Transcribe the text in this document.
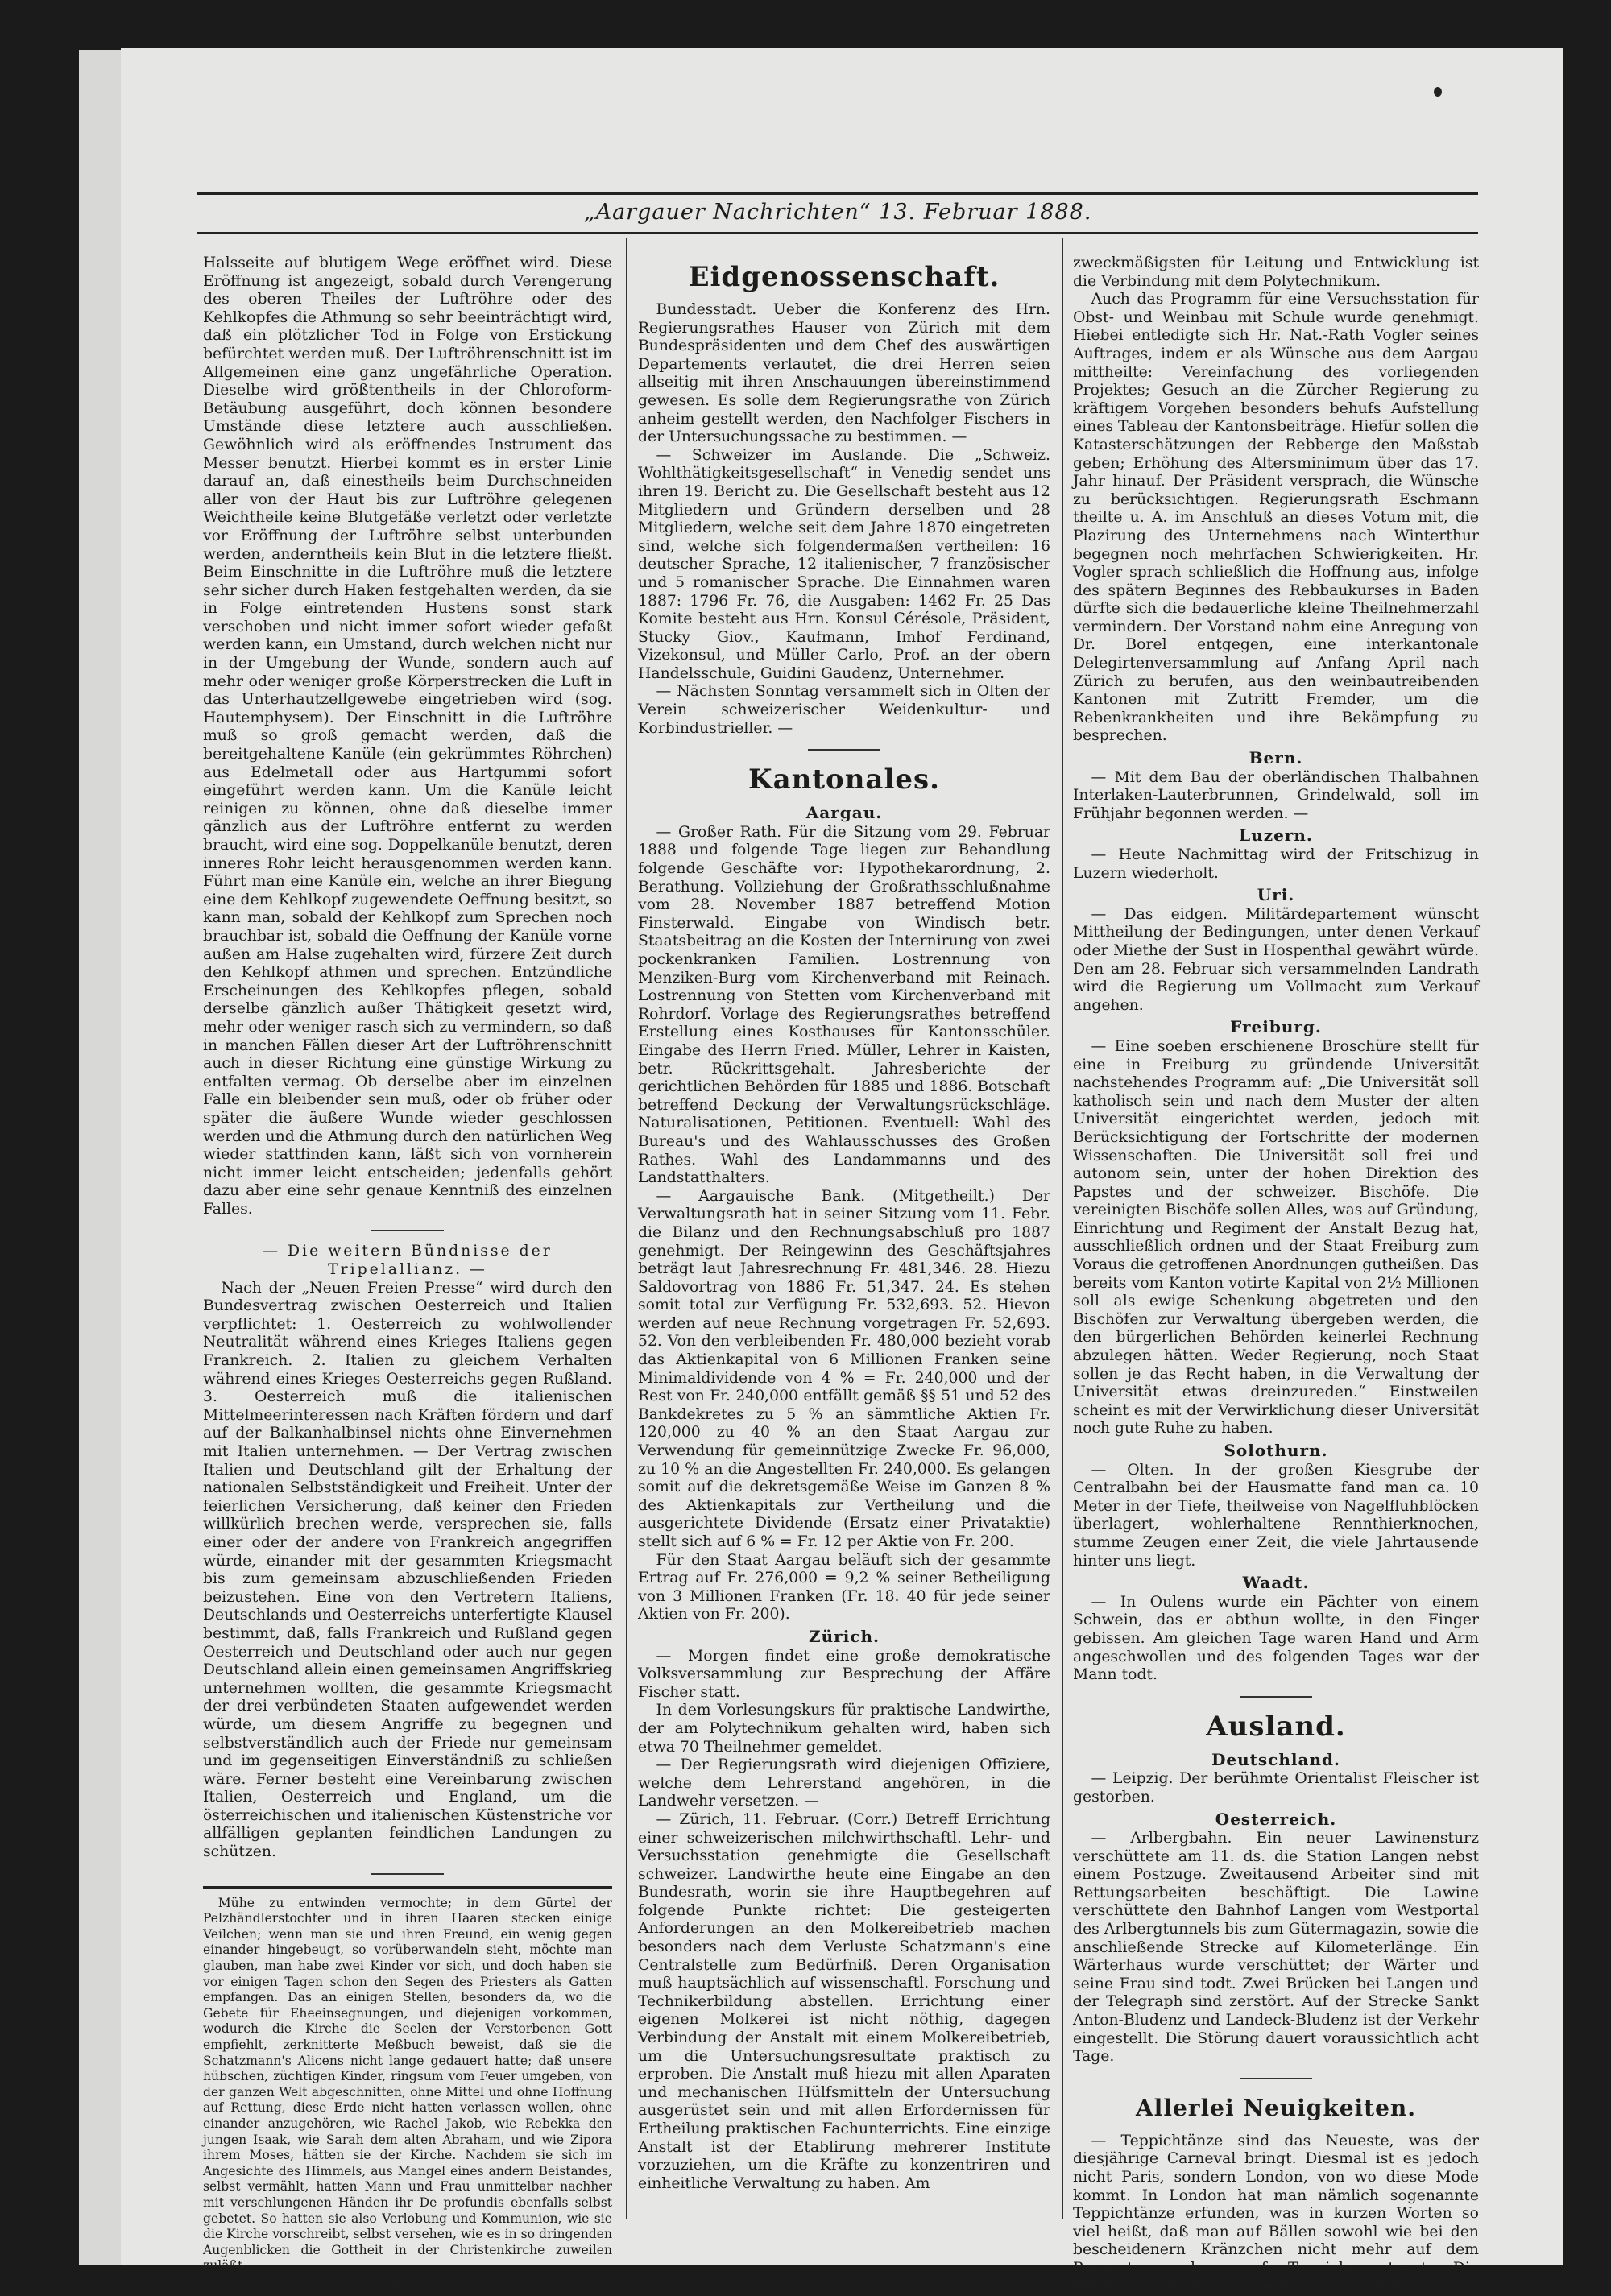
„Aargauer Nachrichten“ 13. Februar 1888.

Halsseite auf blutigem Wege eröffnet wird. Diese Eröffnung ist angezeigt, sobald durch Verengerung des oberen Theiles der Luftröhre oder des Kehlkopfes die Athmung so sehr beeinträchtigt wird, daß ein plötzlicher Tod in Folge von Erstickung befürchtet werden muß. Der Luftröhrenschnitt ist im Allgemeinen eine ganz ungefährliche Operation. Dieselbe wird größtentheils in der Chloroform-Betäubung ausgeführt, doch können besondere Umstände diese letztere auch ausschließen. Gewöhnlich wird als eröffnendes Instrument das Messer benutzt. Hierbei kommt es in erster Linie darauf an, daß einestheils beim Durchschneiden aller von der Haut bis zur Luftröhre gelegenen Weichtheile keine Blutgefäße verletzt oder verletzte vor Eröffnung der Luftröhre selbst unterbunden werden, anderntheils kein Blut in die letztere fließt. Beim Einschnitte in die Luftröhre muß die letztere sehr sicher durch Haken festgehalten werden, da sie in Folge eintretenden Hustens sonst stark verschoben und nicht immer sofort wieder gefaßt werden kann, ein Umstand, durch welchen nicht nur in der Umgebung der Wunde, sondern auch auf mehr oder weniger große Körperstrecken die Luft in das Unterhautzellgewebe eingetrieben wird (sog. Hautemphysem). Der Einschnitt in die Luftröhre muß so groß gemacht werden, daß die bereitgehaltene Kanüle (ein gekrümmtes Röhrchen) aus Edelmetall oder aus Hartgummi sofort eingeführt werden kann. Um die Kanüle leicht reinigen zu können, ohne daß dieselbe immer gänzlich aus der Luftröhre entfernt zu werden braucht, wird eine sog. Doppelkanüle benutzt, deren inneres Rohr leicht herausgenommen werden kann. Führt man eine Kanüle ein, welche an ihrer Biegung eine dem Kehlkopf zugewendete Oeffnung besitzt, so kann man, sobald der Kehlkopf zum Sprechen noch brauchbar ist, sobald die Oeffnung der Kanüle vorne außen am Halse zugehalten wird, fürzere Zeit durch den Kehlkopf athmen und sprechen. Entzündliche Erscheinungen des Kehlkopfes pflegen, sobald derselbe gänzlich außer Thätigkeit gesetzt wird, mehr oder weniger rasch sich zu vermindern, so daß in manchen Fällen dieser Art der Luftröhrenschnitt auch in dieser Richtung eine günstige Wirkung zu entfalten vermag. Ob derselbe aber im einzelnen Falle ein bleibender sein muß, oder ob früher oder später die äußere Wunde wieder geschlossen werden und die Athmung durch den natürlichen Weg wieder stattfinden kann, läßt sich von vornherein nicht immer leicht entscheiden; jedenfalls gehört dazu aber eine sehr genaue Kenntniß des einzelnen Falles.

— Die weitern Bündnisse der Tripelallianz. —

Nach der „Neuen Freien Presse“ wird durch den Bundesvertrag zwischen Oesterreich und Italien verpflichtet: 1. Oesterreich zu wohlwollender Neutralität während eines Krieges Italiens gegen Frankreich. 2. Italien zu gleichem Verhalten während eines Krieges Oesterreichs gegen Rußland. 3. Oesterreich muß die italienischen Mittelmeerinteressen nach Kräften fördern und darf auf der Balkanhalbinsel nichts ohne Einvernehmen mit Italien unternehmen. — Der Vertrag zwischen Italien und Deutschland gilt der Erhaltung der nationalen Selbstständigkeit und Freiheit. Unter der feierlichen Versicherung, daß keiner den Frieden willkürlich brechen werde, versprechen sie, falls einer oder der andere von Frankreich angegriffen würde, einander mit der gesammten Kriegsmacht bis zum gemeinsam abzuschließenden Frieden beizustehen. Eine von den Vertretern Italiens, Deutschlands und Oesterreichs unterfertigte Klausel bestimmt, daß, falls Frankreich und Rußland gegen Oesterreich und Deutschland oder auch nur gegen Deutschland allein einen gemeinsamen Angriffskrieg unternehmen wollten, die gesammte Kriegsmacht der drei verbündeten Staaten aufgewendet werden würde, um diesem Angriffe zu begegnen und selbstverständlich auch der Friede nur gemeinsam und im gegenseitigen Einverständniß zu schließen wäre. Ferner besteht eine Vereinbarung zwischen Italien, Oesterreich und England, um die österreichischen und italienischen Küstenstriche vor allfälligen geplanten feindlichen Landungen zu schützen.

Mühe zu entwinden vermochte; in dem Gürtel der Pelzhändlerstochter und in ihren Haaren stecken einige Veilchen; wenn man sie und ihren Freund, ein wenig gegen einander hingebeugt, so vorüberwandeln sieht, möchte man glauben, man habe zwei Kinder vor sich, und doch haben sie vor einigen Tagen schon den Segen des Priesters als Gatten empfangen. Das an einigen Stellen, besonders da, wo die Gebete für Eheeinsegnungen, und diejenigen vorkommen, wodurch die Kirche die Seelen der Verstorbenen Gott empfiehlt, zerknitterte Meßbuch beweist, daß sie die Schatzmann's Alicens nicht lange gedauert hatte; daß unsere hübschen, züchtigen Kinder, ringsum vom Feuer umgeben, von der ganzen Welt abgeschnitten, ohne Mittel und ohne Hoffnung auf Rettung, diese Erde nicht hatten verlassen wollen, ohne einander anzugehören, wie Rachel Jakob, wie Rebekka den jungen Isaak, wie Sarah dem alten Abraham, und wie Zipora ihrem Moses, hätten sie der Kirche. Nachdem sie sich im Angesichte des Himmels, aus Mangel eines andern Beistandes, selbst vermählt, hatten Mann und Frau unmittelbar nachher mit verschlungenen Händen ihr De profundis ebenfalls selbst gebetet. So hatten sie also Verlobung und Kommunion, wie sie die Kirche vorschreibt, selbst versehen, wie es in so dringenden Augenblicken die Gottheit in der Christenkirche zuweilen zuläßt.

(Schluß folgt.)

Eidgenossenschaft.

Bundesstadt. Ueber die Konferenz des Hrn. Regierungsrathes Hauser von Zürich mit dem Bundespräsidenten und dem Chef des auswärtigen Departements verlautet, die drei Herren seien allseitig mit ihren Anschauungen übereinstimmend gewesen. Es solle dem Regierungsrathe von Zürich anheim gestellt werden, den Nachfolger Fischers in der Untersuchungssache zu bestimmen. —

— Schweizer im Auslande. Die „Schweiz. Wohlthätigkeitsgesellschaft“ in Venedig sendet uns ihren 19. Bericht zu. Die Gesellschaft besteht aus 12 Mitgliedern und Gründern derselben und 28 Mitgliedern, welche seit dem Jahre 1870 eingetreten sind, welche sich folgendermaßen vertheilen: 16 deutscher Sprache, 12 italienischer, 7 französischer und 5 romanischer Sprache. Die Einnahmen waren 1887: 1796 Fr. 76, die Ausgaben: 1462 Fr. 25 Das Komite besteht aus Hrn. Konsul Cérésole, Präsident, Stucky Giov., Kaufmann, Imhof Ferdinand, Vizekonsul, und Müller Carlo, Prof. an der obern Handelsschule, Guidini Gaudenz, Unternehmer.

— Nächsten Sonntag versammelt sich in Olten der Verein schweizerischer Weidenkultur- und Korbindustrieller. —

Kantonales.
Aargau.

— Großer Rath. Für die Sitzung vom 29. Februar 1888 und folgende Tage liegen zur Behandlung folgende Geschäfte vor: Hypothekarordnung, 2. Berathung. Vollziehung der Großrathsschlußnahme vom 28. November 1887 betreffend Motion Finsterwald. Eingabe von Windisch betr. Staatsbeitrag an die Kosten der Internirung von zwei pockenkranken Familien. Lostrennung von Menziken-Burg vom Kirchenverband mit Reinach. Lostrennung von Stetten vom Kirchenverband mit Rohrdorf. Vorlage des Regierungsrathes betreffend Erstellung eines Kosthauses für Kantonsschüler. Eingabe des Herrn Fried. Müller, Lehrer in Kaisten, betr. Rückrittsgehalt. Jahresberichte der gerichtlichen Behörden für 1885 und 1886. Botschaft betreffend Deckung der Verwaltungsrückschläge. Naturalisationen, Petitionen. Eventuell: Wahl des Bureau's und des Wahlausschusses des Großen Rathes. Wahl des Landammanns und des Landstatthalters.

— Aargauische Bank. (Mitgetheilt.) Der Verwaltungsrath hat in seiner Sitzung vom 11. Febr. die Bilanz und den Rechnungsabschluß pro 1887 genehmigt. Der Reingewinn des Geschäftsjahres beträgt laut Jahresrechnung Fr. 481,346. 28. Hiezu Saldovortrag von 1886 Fr. 51,347. 24. Es stehen somit total zur Verfügung Fr. 532,693. 52. Hievon werden auf neue Rechnung vorgetragen Fr. 52,693. 52. Von den verbleibenden Fr. 480,000 bezieht vorab das Aktienkapital von 6 Millionen Franken seine Minimaldividende von 4 % = Fr. 240,000 und der Rest von Fr. 240,000 entfällt gemäß §§ 51 und 52 des Bankdekretes zu 5 % an sämmtliche Aktien Fr. 120,000 zu 40 % an den Staat Aargau zur Verwendung für gemeinnützige Zwecke Fr. 96,000, zu 10 % an die Angestellten Fr. 240,000. Es gelangen somit auf die dekretsgemäße Weise im Ganzen 8 % des Aktienkapitals zur Vertheilung und die ausgerichtete Dividende (Ersatz einer Privataktie) stellt sich auf 6 % = Fr. 12 per Aktie von Fr. 200.

Für den Staat Aargau beläuft sich der gesammte Ertrag auf Fr. 276,000 = 9,2 % seiner Betheiligung von 3 Millionen Franken (Fr. 18. 40 für jede seiner Aktien von Fr. 200).

Zürich.

— Morgen findet eine große demokratische Volksversammlung zur Besprechung der Affäre Fischer statt.

In dem Vorlesungskurs für praktische Landwirthe, der am Polytechnikum gehalten wird, haben sich etwa 70 Theilnehmer gemeldet.

— Der Regierungsrath wird diejenigen Offiziere, welche dem Lehrerstand angehören, in die Landwehr versetzen. —

— Zürich, 11. Februar. (Corr.) Betreff Errichtung einer schweizerischen milchwirthschaftl. Lehr- und Versuchsstation genehmigte die Gesellschaft schweizer. Landwirthe heute eine Eingabe an den Bundesrath, worin sie ihre Hauptbegehren auf folgende Punkte richtet: Die gesteigerten Anforderungen an den Molkereibetrieb machen besonders nach dem Verluste Schatzmann's eine Centralstelle zum Bedürfniß. Deren Organisation muß hauptsächlich auf wissenschaftl. Forschung und Technikerbildung abstellen. Errichtung einer eigenen Molkerei ist nicht nöthig, dagegen Verbindung der Anstalt mit einem Molkereibetrieb, um die Untersuchungsresultate praktisch zu erproben. Die Anstalt muß hiezu mit allen Aparaten und mechanischen Hülfsmitteln der Untersuchung ausgerüstet sein und mit allen Erfordernissen für Ertheilung praktischen Fachunterrichts. Eine einzige Anstalt ist der Etablirung mehrerer Institute vorzuziehen, um die Kräfte zu konzentriren und einheitliche Verwaltung zu haben. Am

zweckmäßigsten für Leitung und Entwicklung ist die Verbindung mit dem Polytechnikum.

Auch das Programm für eine Versuchsstation für Obst- und Weinbau mit Schule wurde genehmigt. Hiebei entledigte sich Hr. Nat.-Rath Vogler seines Auftrages, indem er als Wünsche aus dem Aargau mittheilte: Vereinfachung des vorliegenden Projektes; Gesuch an die Zürcher Regierung zu kräftigem Vorgehen besonders behufs Aufstellung eines Tableau der Kantonsbeiträge. Hiefür sollen die Katasterschätzungen der Rebberge den Maßstab geben; Erhöhung des Altersminimum über das 17. Jahr hinauf. Der Präsident versprach, die Wünsche zu berücksichtigen. Regierungsrath Eschmann theilte u. A. im Anschluß an dieses Votum mit, die Plazirung des Unternehmens nach Winterthur begegnen noch mehrfachen Schwierigkeiten. Hr. Vogler sprach schließlich die Hoffnung aus, infolge des spätern Beginnes des Rebbaukurses in Baden dürfte sich die bedauerliche kleine Theilnehmerzahl vermindern. Der Vorstand nahm eine Anregung von Dr. Borel entgegen, eine interkantonale Delegirtenversammlung auf Anfang April nach Zürich zu berufen, aus den weinbautreibenden Kantonen mit Zutritt Fremder, um die Rebenkrankheiten und ihre Bekämpfung zu besprechen.

Bern.

— Mit dem Bau der oberländischen Thalbahnen Interlaken-Lauterbrunnen, Grindelwald, soll im Frühjahr begonnen werden. —

Luzern.

— Heute Nachmittag wird der Fritschizug in Luzern wiederholt.

Uri.

— Das eidgen. Militärdepartement wünscht Mittheilung der Bedingungen, unter denen Verkauf oder Miethe der Sust in Hospenthal gewährt würde. Den am 28. Februar sich versammelnden Landrath wird die Regierung um Vollmacht zum Verkauf angehen.

Freiburg.

— Eine soeben erschienene Broschüre stellt für eine in Freiburg zu gründende Universität nachstehendes Programm auf: „Die Universität soll katholisch sein und nach dem Muster der alten Universität eingerichtet werden, jedoch mit Berücksichtigung der Fortschritte der modernen Wissenschaften. Die Universität soll frei und autonom sein, unter der hohen Direktion des Papstes und der schweizer. Bischöfe. Die vereinigten Bischöfe sollen Alles, was auf Gründung, Einrichtung und Regiment der Anstalt Bezug hat, ausschließlich ordnen und der Staat Freiburg zum Voraus die getroffenen Anordnungen gutheißen. Das bereits vom Kanton votirte Kapital von 2½ Millionen soll als ewige Schenkung abgetreten und den Bischöfen zur Verwaltung übergeben werden, die den bürgerlichen Behörden keinerlei Rechnung abzulegen hätten. Weder Regierung, noch Staat sollen je das Recht haben, in die Verwaltung der Universität etwas dreinzureden.“ Einstweilen scheint es mit der Verwirklichung dieser Universität noch gute Ruhe zu haben.

Solothurn.

— Olten. In der großen Kiesgrube der Centralbahn bei der Hausmatte fand man ca. 10 Meter in der Tiefe, theilweise von Nagelfluhblöcken überlagert, wohlerhaltene Rennthierknochen, stumme Zeugen einer Zeit, die viele Jahrtausende hinter uns liegt.

Waadt.

— In Oulens wurde ein Pächter von einem Schwein, das er abthun wollte, in den Finger gebissen. Am gleichen Tage waren Hand und Arm angeschwollen und des folgenden Tages war der Mann todt.

Ausland.
Deutschland.

— Leipzig. Der berühmte Orientalist Fleischer ist gestorben.

Oesterreich.

— Arlbergbahn. Ein neuer Lawinensturz verschüttete am 11. ds. die Station Langen nebst einem Postzuge. Zweitausend Arbeiter sind mit Rettungsarbeiten beschäftigt. Die Lawine verschüttete den Bahnhof Langen vom Westportal des Arlbergtunnels bis zum Gütermagazin, sowie die anschließende Strecke auf Kilometerlänge. Ein Wärterhaus wurde verschüttet; der Wärter und seine Frau sind todt. Zwei Brücken bei Langen und der Telegraph sind zerstört. Auf der Strecke Sankt Anton-Bludenz und Landeck-Bludenz ist der Verkehr eingestellt. Die Störung dauert voraussichtlich acht Tage.

Allerlei Neuigkeiten.

— Teppichtänze sind das Neueste, was der diesjährige Carneval bringt. Diesmal ist es jedoch nicht Paris, sondern London, von wo diese Mode kommt. In London hat man nämlich sogenannte Teppichtänze erfunden, was in kurzen Worten so viel heißt, daß man auf Bällen sowohl wie bei den bescheidenern Kränzchen nicht mehr auf dem Parquet, sondern auf Teppichen tanzt. Die Neuerung wird für so zweckmäßig gehalten,
